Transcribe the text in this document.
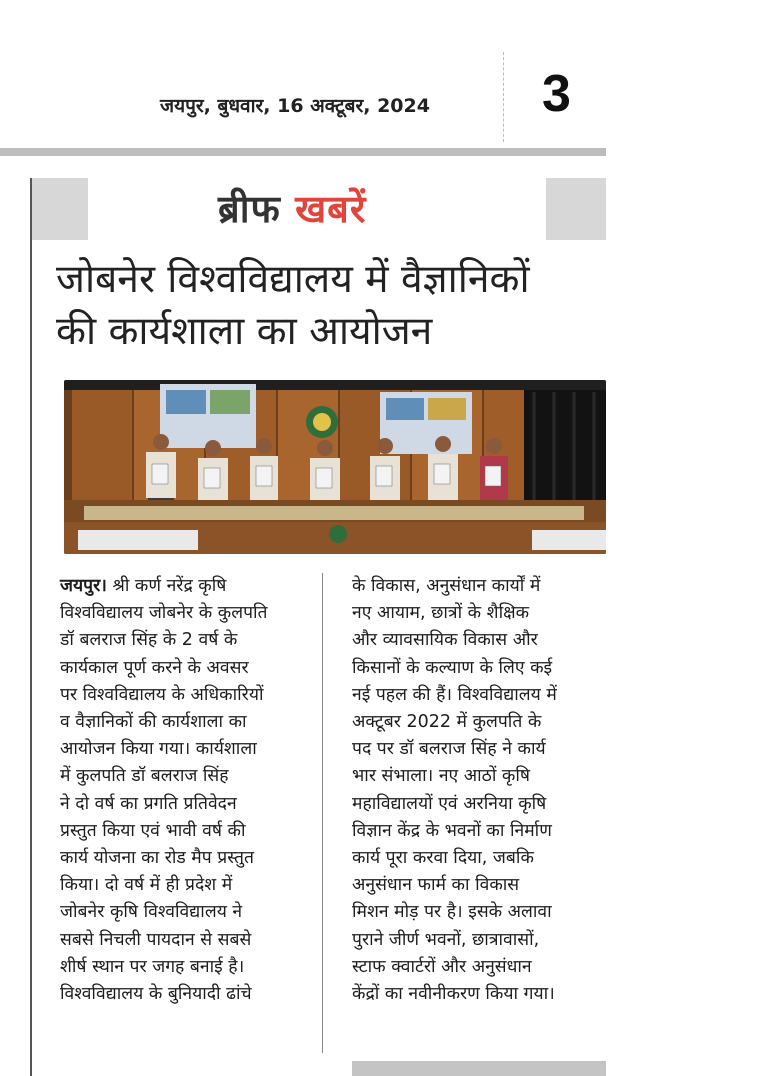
जयपुर, बुधवार, 16 अक्टूबर, 2024 3
ब्रीफ खबरें
जोबनेर विश्वविद्यालय में वैज्ञानिकों
की कार्यशाला का आयोजन
जयपुर। श्री कर्ण नरेंद्र कृषि
विश्वविद्यालय जोबनेर के कुलपति
डॉ बलराज सिंह के 2 वर्ष के
कार्यकाल पूर्ण करने के अवसर
पर विश्वविद्यालय के अधिकारियों
व वैज्ञानिकों की कार्यशाला का
आयोजन किया गया। कार्यशाला
में कुलपति डॉ बलराज सिंह
ने दो वर्ष का प्रगति प्रतिवेदन
प्रस्तुत किया एवं भावी वर्ष की
कार्य योजना का रोड मैप प्रस्तुत
किया। दो वर्ष में ही प्रदेश में
जोबनेर कृषि विश्वविद्यालय ने
सबसे निचली पायदान से सबसे
शीर्ष स्थान पर जगह बनाई है।
विश्वविद्यालय के बुनियादी ढांचे
के विकास, अनुसंधान कार्यों में
नए आयाम, छात्रों के शैक्षिक
और व्यावसायिक विकास और
किसानों के कल्याण के लिए कई
नई पहल की हैं। विश्वविद्यालय में
अक्टूबर 2022 में कुलपति के
पद पर डॉ बलराज सिंह ने कार्य
भार संभाला। नए आठों कृषि
महाविद्यालयों एवं अरनिया कृषि
विज्ञान केंद्र के भवनों का निर्माण
कार्य पूरा करवा दिया, जबकि
अनुसंधान फार्म का विकास
मिशन मोड़ पर है। इसके अलावा
पुराने जीर्ण भवनों, छात्रावासों,
स्टाफ क्वार्टरों और अनुसंधान
केंद्रों का नवीनीकरण किया गया।
